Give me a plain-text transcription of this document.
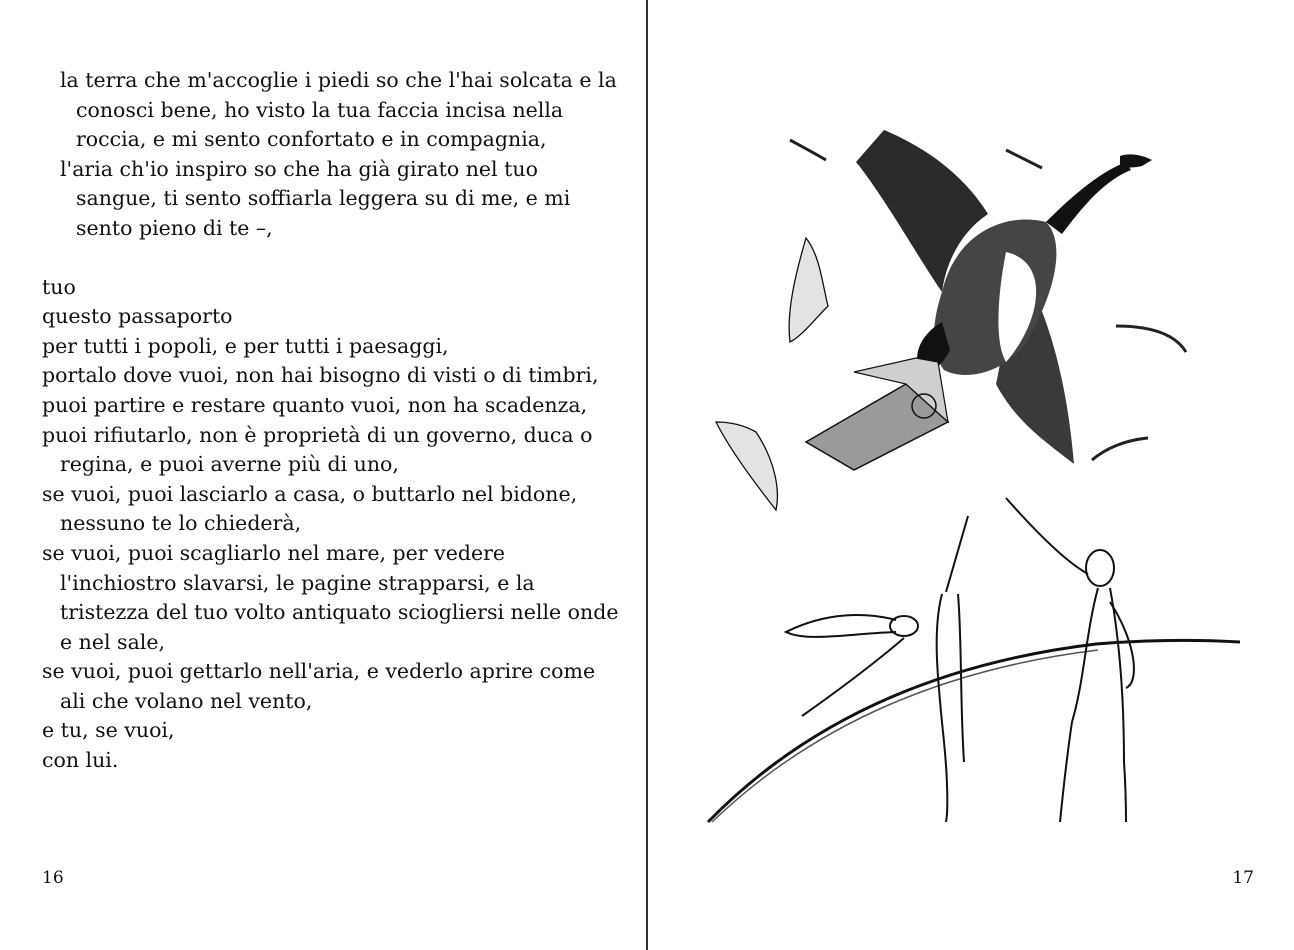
la terra che m'accoglie i piedi so che l'hai solcata e la conosci bene, ho visto la tua faccia incisa nella roccia, e mi sento confortato e in compagnia,
l'aria ch'io inspiro so che ha già girato nel tuo sangue, ti sento soffiarla leggera su di me, e mi sento pieno di te –,
tuo
questo passaporto
per tutti i popoli, e per tutti i paesaggi,
portalo dove vuoi, non hai bisogno di visti o di timbri,
puoi partire e restare quanto vuoi, non ha scadenza,
puoi rifiutarlo, non è proprietà di un governo, duca o regina, e puoi averne più di uno,
se vuoi, puoi lasciarlo a casa, o buttarlo nel bidone, nessuno te lo chiederà,
se vuoi, puoi scagliarlo nel mare, per vedere l'inchiostro slavarsi, le pagine strapparsi, e la tristezza del tuo volto antiquato sciogliersi nelle onde e nel sale,
se vuoi, puoi gettarlo nell'aria, e vederlo aprire come ali che volano nel vento,
e tu, se vuoi,
con lui.
16	17
